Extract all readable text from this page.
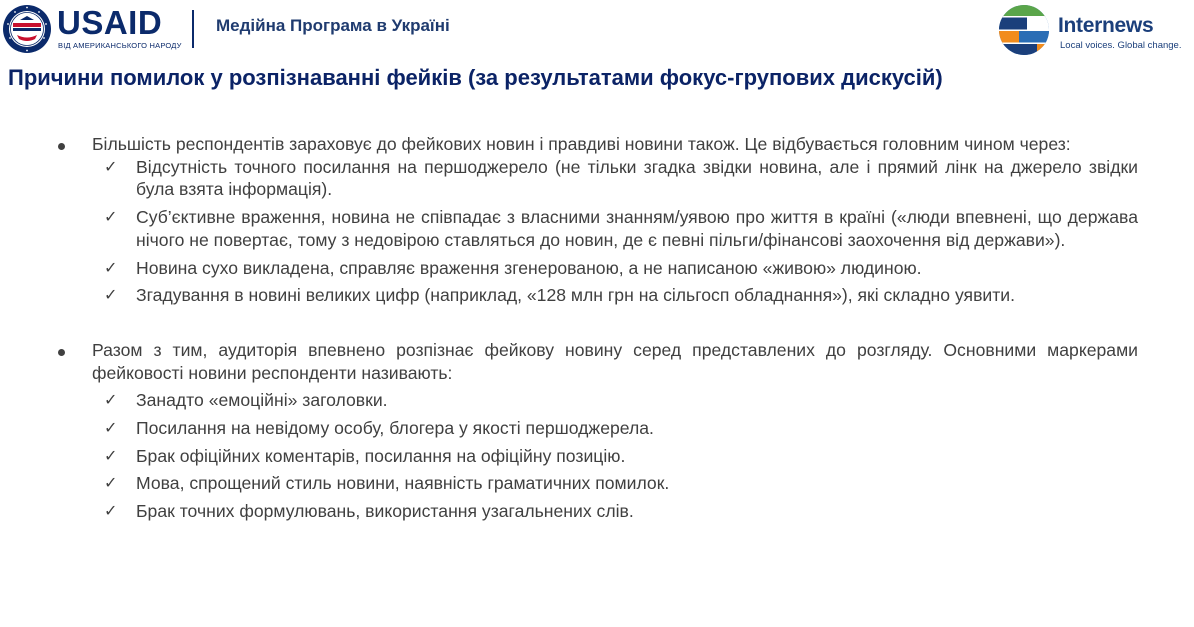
USAID
ВІД АМЕРИКАНСЬКОГО НАРОДУ
Медійна Програма в Україні	Internews
Local voices. Global change.
Причини помилок у розпізнаванні фейків (за результатами фокус-групових дискусій)
Більшість респондентів зараховує до фейкових новин і правдиві новини також. Це відбувається головним чином через:
✓ Відсутність точного посилання на першоджерело (не тільки згадка звідки новина, але і прямий лінк на джерело звідки була взята інформація).
✓ Суб’єктивне враження, новина не співпадає з власними знанням/уявою про життя в країні («люди впевнені, що держава нічого не повертає, тому з недовірою ставляться до новин, де є певні пільги/фінансові заохочення від держави»).
✓ Новина сухо викладена, справляє враження згенерованою, а не написаною «живою» людиною.
✓ Згадування в новині великих цифр (наприклад, «128 млн грн на сільгосп обладнання»), які складно уявити.
Разом з тим, аудиторія впевнено розпізнає фейкову новину серед представлених до розгляду. Основними маркерами фейковості новини респонденти називають:
✓ Занадто «емоційні» заголовки.
✓ Посилання на невідому особу, блогера у якості першоджерела.
✓ Брак офіційних коментарів, посилання на офіційну позицію.
✓ Мова, спрощений стиль новини, наявність граматичних помилок.
✓ Брак точних формулювань, використання узагальнених слів.
